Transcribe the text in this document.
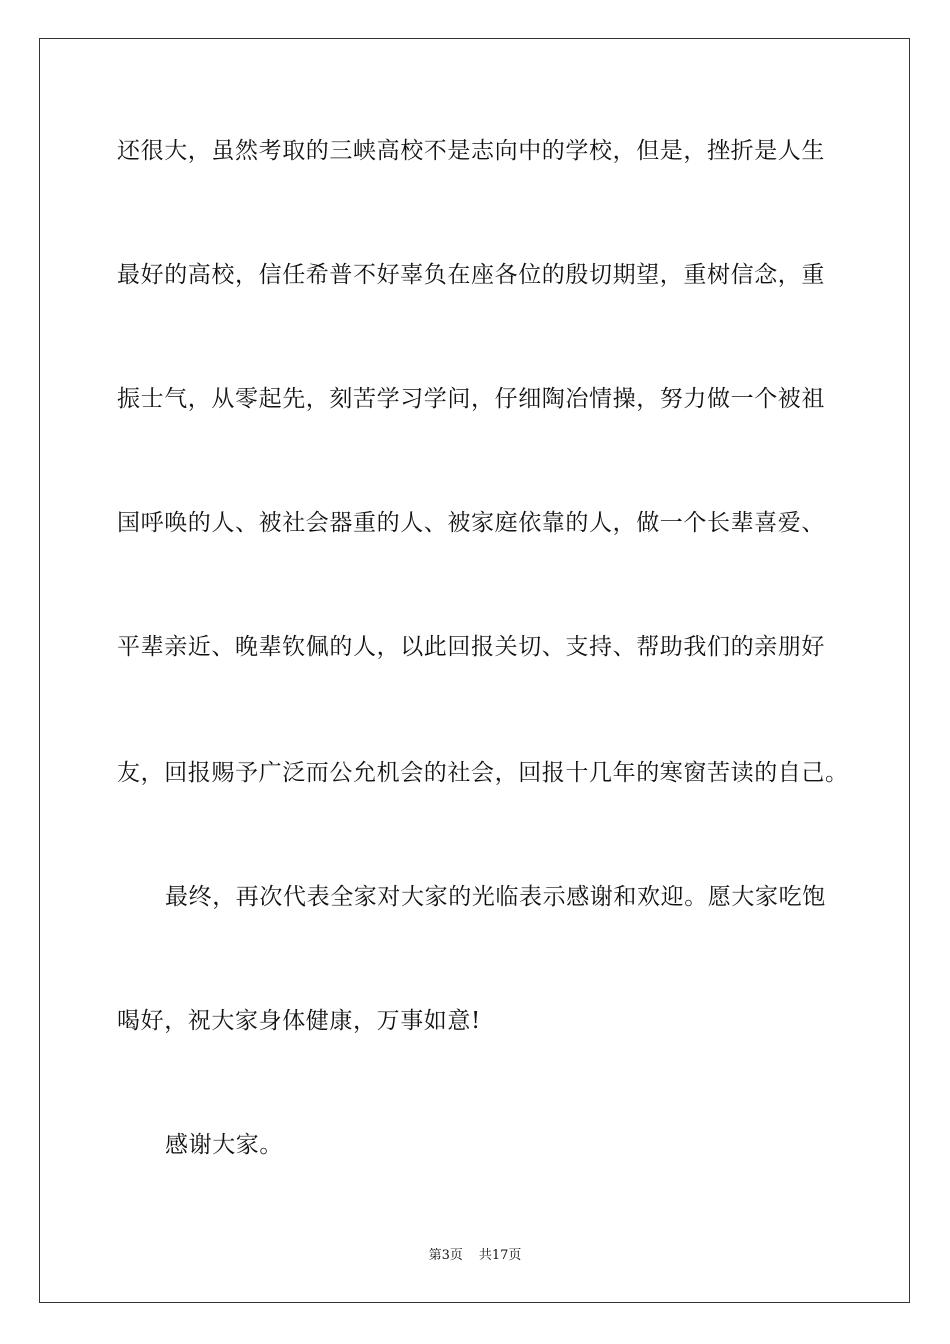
还很大，虽然考取的三峡高校不是志向中的学校，但是，挫折是人生
最好的高校，信任希普不好辜负在座各位的殷切期望，重树信念，重
振士气，从零起先，刻苦学习学问，仔细陶冶情操，努力做一个被祖
国呼唤的人、被社会器重的人、被家庭依靠的人，做一个长辈喜爱、
平辈亲近、晚辈钦佩的人，以此回报关切、支持、帮助我们的亲朋好
友，回报赐予广泛而公允机会的社会，回报十几年的寒窗苦读的自己。
最终，再次代表全家对大家的光临表示感谢和欢迎。愿大家吃饱
喝好，祝大家身体健康，万事如意!
感谢大家。
第3页 共17页
